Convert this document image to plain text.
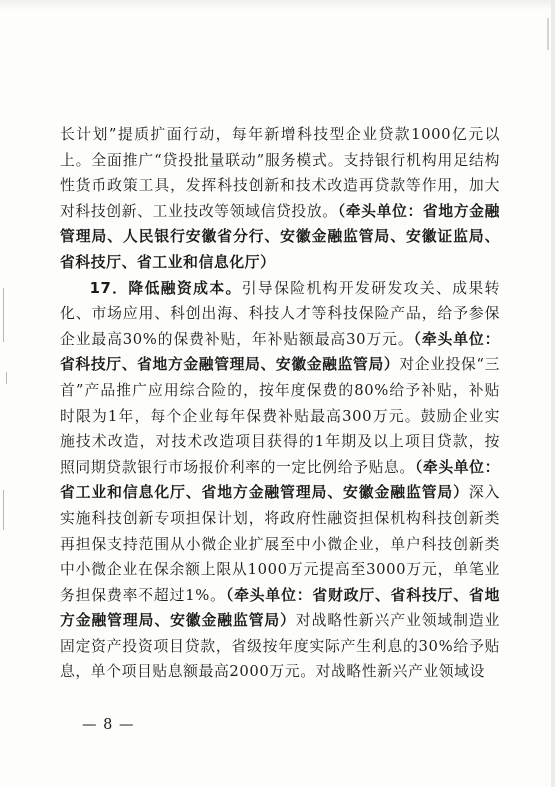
长计划”提质扩面行动，每年新增科技型企业贷款1000亿元以上。全面推广“贷投批量联动”服务模式。支持银行机构用足结构性货币政策工具，发挥科技创新和技术改造再贷款等作用，加大对科技创新、工业技改等领域信贷投放。（牵头单位：省地方金融管理局、人民银行安徽省分行、安徽金融监管局、安徽证监局、省科技厅、省工业和信息化厅）

17．降低融资成本。引导保险机构开发研发攻关、成果转化、市场应用、科创出海、科技人才等科技保险产品，给予参保企业最高30%的保费补贴，年补贴额最高30万元。（牵头单位：省科技厅、省地方金融管理局、安徽金融监管局）对企业投保“三首”产品推广应用综合险的，按年度保费的80%给予补贴，补贴时限为1年，每个企业每年保费补贴最高300万元。鼓励企业实施技术改造，对技术改造项目获得的1年期及以上项目贷款，按照同期贷款银行市场报价利率的一定比例给予贴息。（牵头单位：省工业和信息化厅、省地方金融管理局、安徽金融监管局）深入实施科技创新专项担保计划，将政府性融资担保机构科技创新类再担保支持范围从小微企业扩展至中小微企业，单户科技创新类中小微企业在保余额上限从1000万元提高至3000万元，单笔业务担保费率不超过1%。（牵头单位：省财政厅、省科技厅、省地方金融管理局、安徽金融监管局）对战略性新兴产业领域制造业固定资产投资项目贷款，省级按年度实际产生利息的30%给予贴息，单个项目贴息额最高2000万元。对战略性新兴产业领域设

— 8 —
